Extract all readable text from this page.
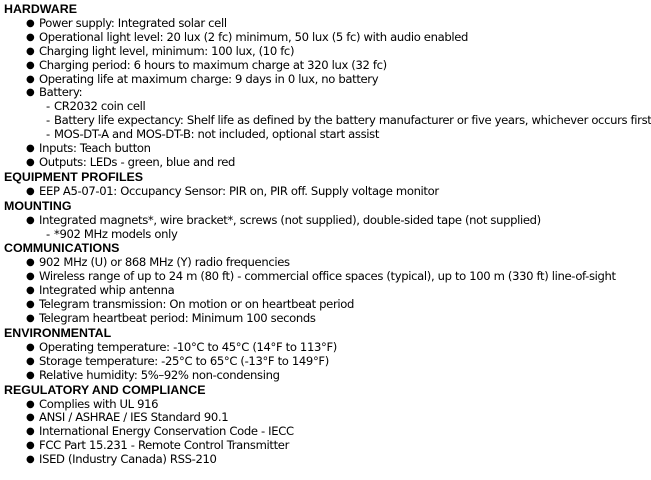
HARDWARE
● Power supply: Integrated solar cell
● Operational light level: 20 lux (2 fc) minimum, 50 lux (5 fc) with audio enabled
● Charging light level, minimum: 100 lux, (10 fc)
● Charging period: 6 hours to maximum charge at 320 lux (32 fc)
● Operating life at maximum charge: 9 days in 0 lux, no battery
● Battery:
- CR2032 coin cell
- Battery life expectancy: Shelf life as defined by the battery manufacturer or five years, whichever occurs first
- MOS-DT-A and MOS-DT-B: not included, optional start assist
● Inputs: Teach button
● Outputs: LEDs - green, blue and red
EQUIPMENT PROFILES
● EEP A5-07-01: Occupancy Sensor: PIR on, PIR off. Supply voltage monitor
MOUNTING
● Integrated magnets*, wire bracket*, screws (not supplied), double-sided tape (not supplied)
- *902 MHz models only
COMMUNICATIONS
● 902 MHz (U) or 868 MHz (Y) radio frequencies
● Wireless range of up to 24 m (80 ft) - commercial office spaces (typical), up to 100 m (330 ft) line-of-sight
● Integrated whip antenna
● Telegram transmission: On motion or on heartbeat period
● Telegram heartbeat period: Minimum 100 seconds
ENVIRONMENTAL
● Operating temperature: -10°C to 45°C (14°F to 113°F)
● Storage temperature: -25°C to 65°C (-13°F to 149°F)
● Relative humidity: 5%–92% non-condensing
REGULATORY AND COMPLIANCE
● Complies with UL 916
● ANSI / ASHRAE / IES Standard 90.1
● International Energy Conservation Code - IECC
● FCC Part 15.231 - Remote Control Transmitter
● ISED (Industry Canada) RSS-210
